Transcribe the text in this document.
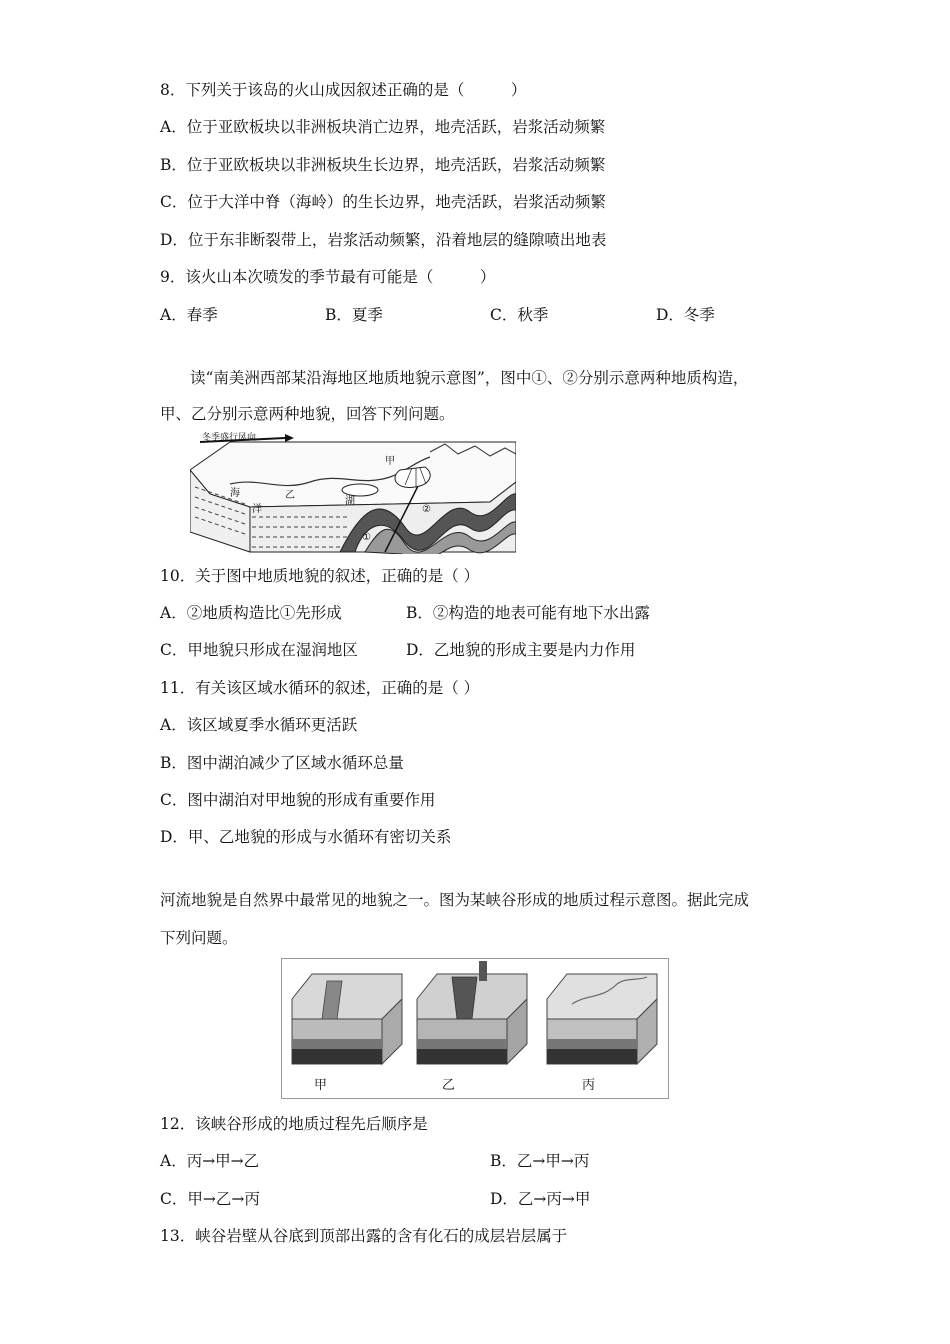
8．下列关于该岛的火山成因叙述正确的是（　　　）
A．位于亚欧板块以非洲板块消亡边界，地壳活跃，岩浆活动频繁
B．位于亚欧板块以非洲板块生长边界，地壳活跃，岩浆活动频繁
C．位于大洋中脊（海岭）的生长边界，地壳活跃，岩浆活动频繁
D．位于东非断裂带上，岩浆活动频繁，沿着地层的缝隙喷出地表
9．该火山本次喷发的季节最有可能是（　　　）
A．春季	B．夏季	C．秋季	D．冬季
读“南美洲西部某沿海地区地质地貌示意图”，图中①、②分别示意两种地质构造，
甲、乙分别示意两种地貌，回答下列问题。
冬季盛行风向
甲
海
洋
乙
湖
①
②
10．关于图中地质地貌的叙述，正确的是（ ）
A．②地质构造比①先形成	B．②构造的地表可能有地下水出露
C．甲地貌只形成在湿润地区	D．乙地貌的形成主要是内力作用
11．有关该区域水循环的叙述，正确的是（ ）
A．该区域夏季水循环更活跃
B．图中湖泊减少了区域水循环总量
C．图中湖泊对甲地貌的形成有重要作用
D．甲、乙地貌的形成与水循环有密切关系
河流地貌是自然界中最常见的地貌之一。图为某峡谷形成的地质过程示意图。据此完成
下列问题。
甲	乙	丙
12．该峡谷形成的地质过程先后顺序是
A．丙→甲→乙	B．乙→甲→丙
C．甲→乙→丙	D．乙→丙→甲
13．峡谷岩壁从谷底到顶部出露的含有化石的成层岩层属于
